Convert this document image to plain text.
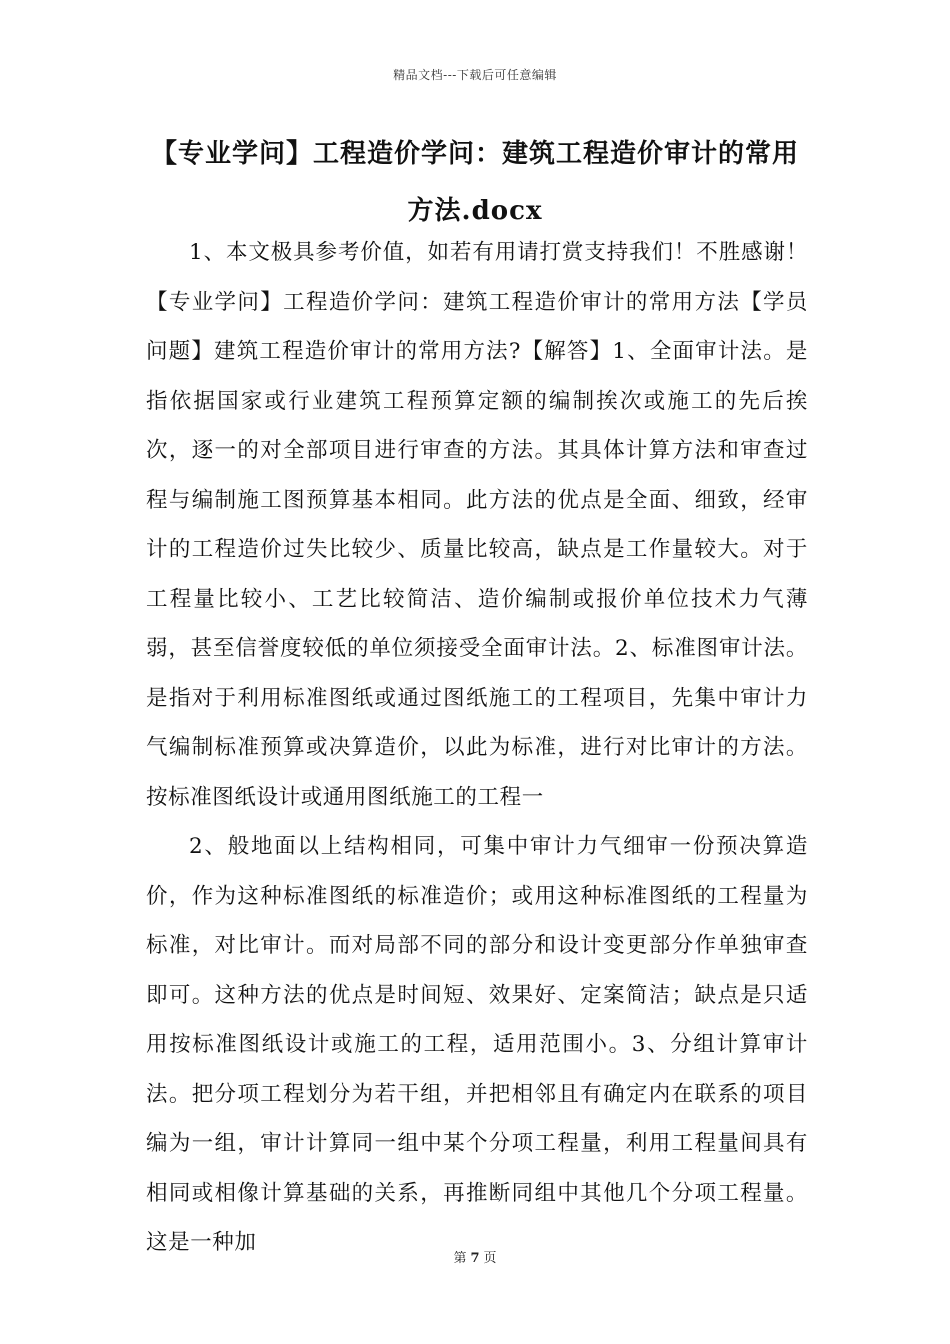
精品文档---下载后可任意编辑
【专业学问】工程造价学问：建筑工程造价审计的常用方法.docx

1、本文极具参考价值，如若有用请打赏支持我们！不胜感谢！【专业学问】工程造价学问：建筑工程造价审计的常用方法【学员问题】建筑工程造价审计的常用方法?【解答】1、全面审计法。是指依据国家或行业建筑工程预算定额的编制挨次或施工的先后挨次，逐一的对全部项目进行审查的方法。其具体计算方法和审查过程与编制施工图预算基本相同。此方法的优点是全面、细致，经审计的工程造价过失比较少、质量比较高，缺点是工作量较大。对于工程量比较小、工艺比较简洁、造价编制或报价单位技术力气薄弱，甚至信誉度较低的单位须接受全面审计法。2、标准图审计法。是指对于利用标准图纸或通过图纸施工的工程项目，先集中审计力气编制标准预算或决算造价，以此为标准，进行对比审计的方法。按标准图纸设计或通用图纸施工的工程一

2、般地面以上结构相同，可集中审计力气细审一份预决算造价，作为这种标准图纸的标准造价；或用这种标准图纸的工程量为标准，对比审计。而对局部不同的部分和设计变更部分作单独审查即可。这种方法的优点是时间短、效果好、定案简洁；缺点是只适用按标准图纸设计或施工的工程，适用范围小。3、分组计算审计法。把分项工程划分为若干组，并把相邻且有确定内在联系的项目编为一组，审计计算同一组中某个分项工程量，利用工程量间具有相同或相像计算基础的关系，再推断同组中其他几个分项工程量。这是一种加

第 7 页
